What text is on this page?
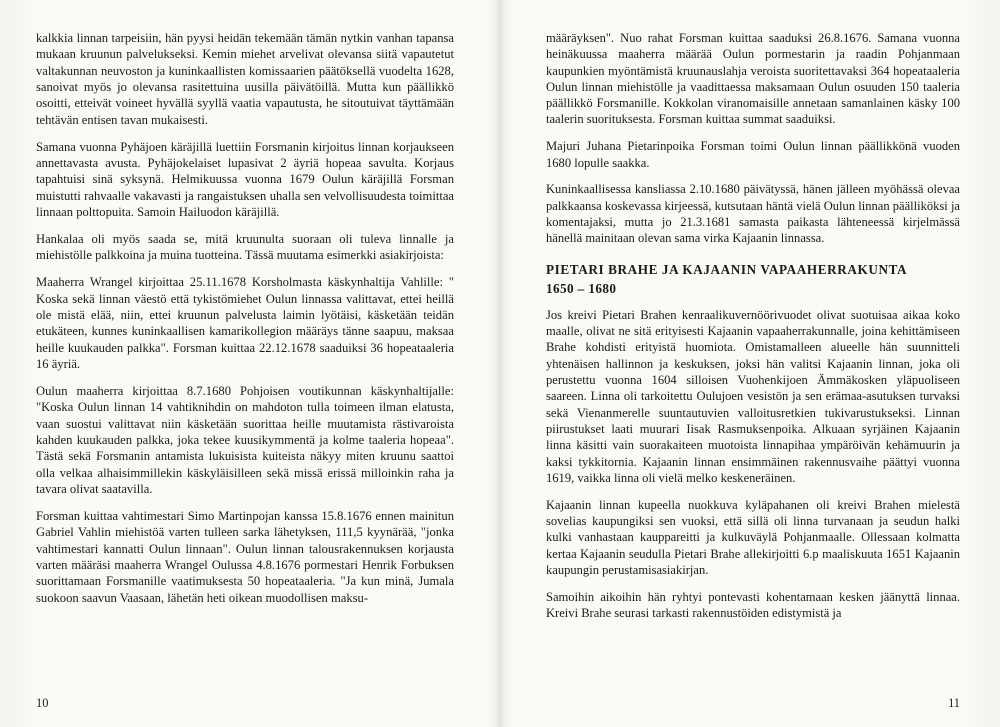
kalkkia linnan tarpeisiin, hän pyysi heidän tekemään tämän nytkin vanhan tapansa mukaan kruunun palvelukseksi. Kemin miehet arvelivat olevansa siitä vapautetut valtakunnan neuvoston ja kuninkaallisten komissaarien päätöksellä vuodelta 1628, sanoivat myös jo olevansa rasitettuina uusilla päivätöillä. Mutta kun päällikkö osoitti, etteivät voineet hyvällä syyllä vaatia vapautusta, he sitoutuivat täyttämään tehtävän entisen tavan mukaisesti.

Samana vuonna Pyhäjoen käräjillä luettiin Forsmanin kirjoitus linnan korjaukseen annettavasta avusta. Pyhäjokelaiset lupasivat 2 äyriä hopeaa savulta. Korjaus tapahtuisi sinä syksynä. Helmikuussa vuonna 1679 Oulun käräjillä Forsman muistutti rahvaalle vakavasti ja rangaistuksen uhalla sen velvollisuudesta toimittaa linnaan polttopuita. Samoin Hailuodon käräjillä.

Hankalaa oli myös saada se, mitä kruunulta suoraan oli tuleva linnalle ja miehistölle palkkoina ja muina tuotteina. Tässä muutama esimerkki asiakirjoista:

Maaherra Wrangel kirjoittaa 25.11.1678 Korsholmasta käskynhaltija Vahlille: " Koska sekä linnan väestö että tykistömiehet Oulun linnassa valittavat, ettei heillä ole mistä elää, niin, ettei kruunun palvelusta laimin lyötäisi, käsketään teidän etukäteen, kunnes kuninkaallisen kamarikollegion määräys tänne saapuu, maksaa heille kuukauden palkka". Forsman kuittaa 22.12.1678 saaduiksi 36 hopeataaleria 16 äyriä.

Oulun maaherra kirjoittaa 8.7.1680 Pohjoisen voutikunnan käskynhaltijalle: "Koska Oulun linnan 14 vahtiknihdin on mahdoton tulla toimeen ilman elatusta, vaan suostui valittavat niin käsketään suorittaa heille muutamista rästivaroista kahden kuukauden palkka, joka tekee kuusikymmentä ja kolme taaleria hopeaa". Tästä sekä Forsmanin antamista lukuisista kuiteista näkyy miten kruunu saattoi olla velkaa alhaisimmillekin käskyläisilleen sekä missä erissä milloinkin raha ja tavara olivat saatavilla.

Forsman kuittaa vahtimestari Simo Martinpojan kanssa 15.8.1676 ennen mainitun Gabriel Vahlin miehistöä varten tulleen sarka lähetyksen, 111,5 kyynärää, "jonka vahtimestari kannatti Oulun linnaan". Oulun linnan talousrakennuksen korjausta varten määräsi maaherra Wrangel Oulussa 4.8.1676 pormestari Henrik Forbuksen suorittamaan Forsmanille vaatimuksesta 50 hopeataaleria. "Ja kun minä, Jumala suokoon saavun Vaasaan, lähetän heti oikean muodollisen maksu-

10

määräyksen". Nuo rahat Forsman kuittaa saaduksi 26.8.1676. Samana vuonna heinäkuussa maaherra määrää Oulun pormestarin ja raadin Pohjanmaan kaupunkien myöntämistä kruunauslahja veroista suoritettavaksi 364 hopeataaleria Oulun linnan miehistölle ja vaadittaessa maksamaan Oulun osuuden 150 taaleria päällikkö Forsmanille. Kokkolan viranomaisille annetaan samanlainen käsky 100 taalerin suorituksesta. Forsman kuittaa summat saaduiksi.

Majuri Juhana Pietarinpoika Forsman toimi Oulun linnan päällikkönä vuoden 1680 lopulle saakka.

Kuninkaallisessa kansliassa 2.10.1680 päivätyssä, hänen jälleen myöhässä olevaa palkkaansa koskevassa kirjeessä, kutsutaan häntä vielä Oulun linnan päälliköksi ja komentajaksi, mutta jo 21.3.1681 samasta paikasta lähteneessä kirjelmässä hänellä mainitaan olevan sama virka Kajaanin linnassa.

PIETARI BRAHE JA KAJAANIN VAPAAHERRAKUNTA
1650 – 1680

Jos kreivi Pietari Brahen kenraalikuvernöörivuodet olivat suotuisaa aikaa koko maalle, olivat ne sitä erityisesti Kajaanin vapaaherrakunnalle, joina kehittämiseen Brahe kohdisti erityistä huomiota. Omistamalleen alueelle hän suunnitteli yhtenäisen hallinnon ja keskuksen, joksi hän valitsi Kajaanin linnan, joka oli perustettu vuonna 1604 silloisen Vuohenkijoen Ämmäkosken yläpuoliseen saareen. Linna oli tarkoitettu Oulujoen vesistön ja sen erämaa-asutuksen turvaksi sekä Vienanmerelle suuntautuvien valloitusretkien tukivarustukseksi. Linnan piirustukset laati muurari Iisak Rasmuksenpoika. Alkuaan syrjäinen Kajaanin linna käsitti vain suorakaiteen muotoista linnapihaa ympäröivän kehämuurin ja kaksi tykkitornia. Kajaanin linnan ensimmäinen rakennusvaihe päättyi vuonna 1619, vaikka linna oli vielä melko keskeneräinen.

Kajaanin linnan kupeella nuokkuva kyläpahanen oli kreivi Brahen mielestä sovelias kaupungiksi sen vuoksi, että sillä oli linna turvanaan ja seudun halki kulki vanhastaan kauppareitti ja kulkuväylä Pohjanmaalle. Ollessaan kolmatta kertaa Kajaanin seudulla Pietari Brahe allekirjoitti 6.p maaliskuuta 1651 Kajaanin kaupungin perustamisasiakirjan.

Samoihin aikoihin hän ryhtyi pontevasti kohentamaan kesken jäänyttä linnaa. Kreivi Brahe seurasi tarkasti rakennustöiden edistymistä ja

11
